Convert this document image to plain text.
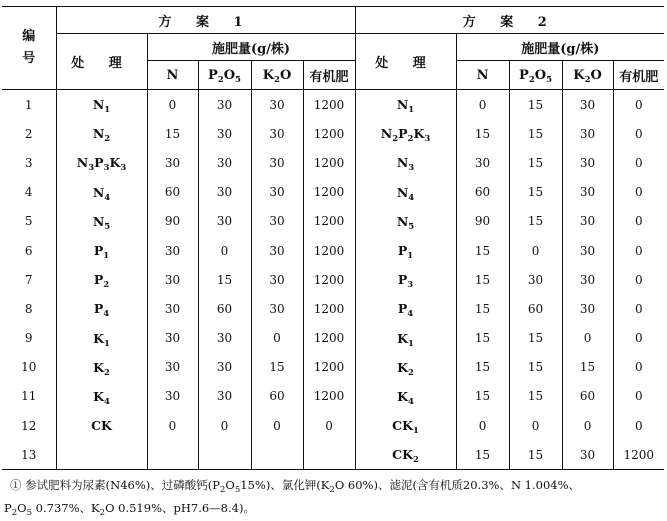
编
号	方 案 1					方 案 2				
	处 理	施肥量(g/株)				处 理	施肥量(g/株)			
		N	$P_2O_5$	$K_2O$	有机肥		N	$P_2O_5$	$K_2O$	有机肥
1	$N_1$	0	30	30	1200	$N_1$	0	15	30	0
2	$N_2$	15	30	30	1200	$N_2P_2K_3$	15	15	30	0
3	$N_3P_3K_3$	30	30	30	1200	$N_3$	30	15	30	0
4	$N_4$	60	30	30	1200	$N_4$	60	15	30	0
5	$N_5$	90	30	30	1200	$N_5$	90	15	30	0
6	$P_1$	30	0	30	1200	$P_1$	15	0	30	0
7	$P_2$	30	15	30	1200	$P_3$	15	30	30	0
8	$P_4$	30	60	30	1200	$P_4$	15	60	30	0
9	$K_1$	30	30	0	1200	$K_1$	15	15	0	0
10	$K_2$	30	30	15	1200	$K_2$	15	15	15	0
11	$K_4$	30	30	60	1200	$K_4$	15	15	60	0
12	CK	0	0	0	0	$CK_1$	0	0	0	0
13						$CK_2$	15	15	30	1200

① 参试肥料为尿素(N46%)、过磷酸钙$(P_2O_515\%)$、氯化钾($K_2O$ 60%)、滤泥(含有机质20.3%、N 1.004%、

$P_2O_5$ 0.737%、$K_2O$ 0.519%、pH7.6—8.4)。
